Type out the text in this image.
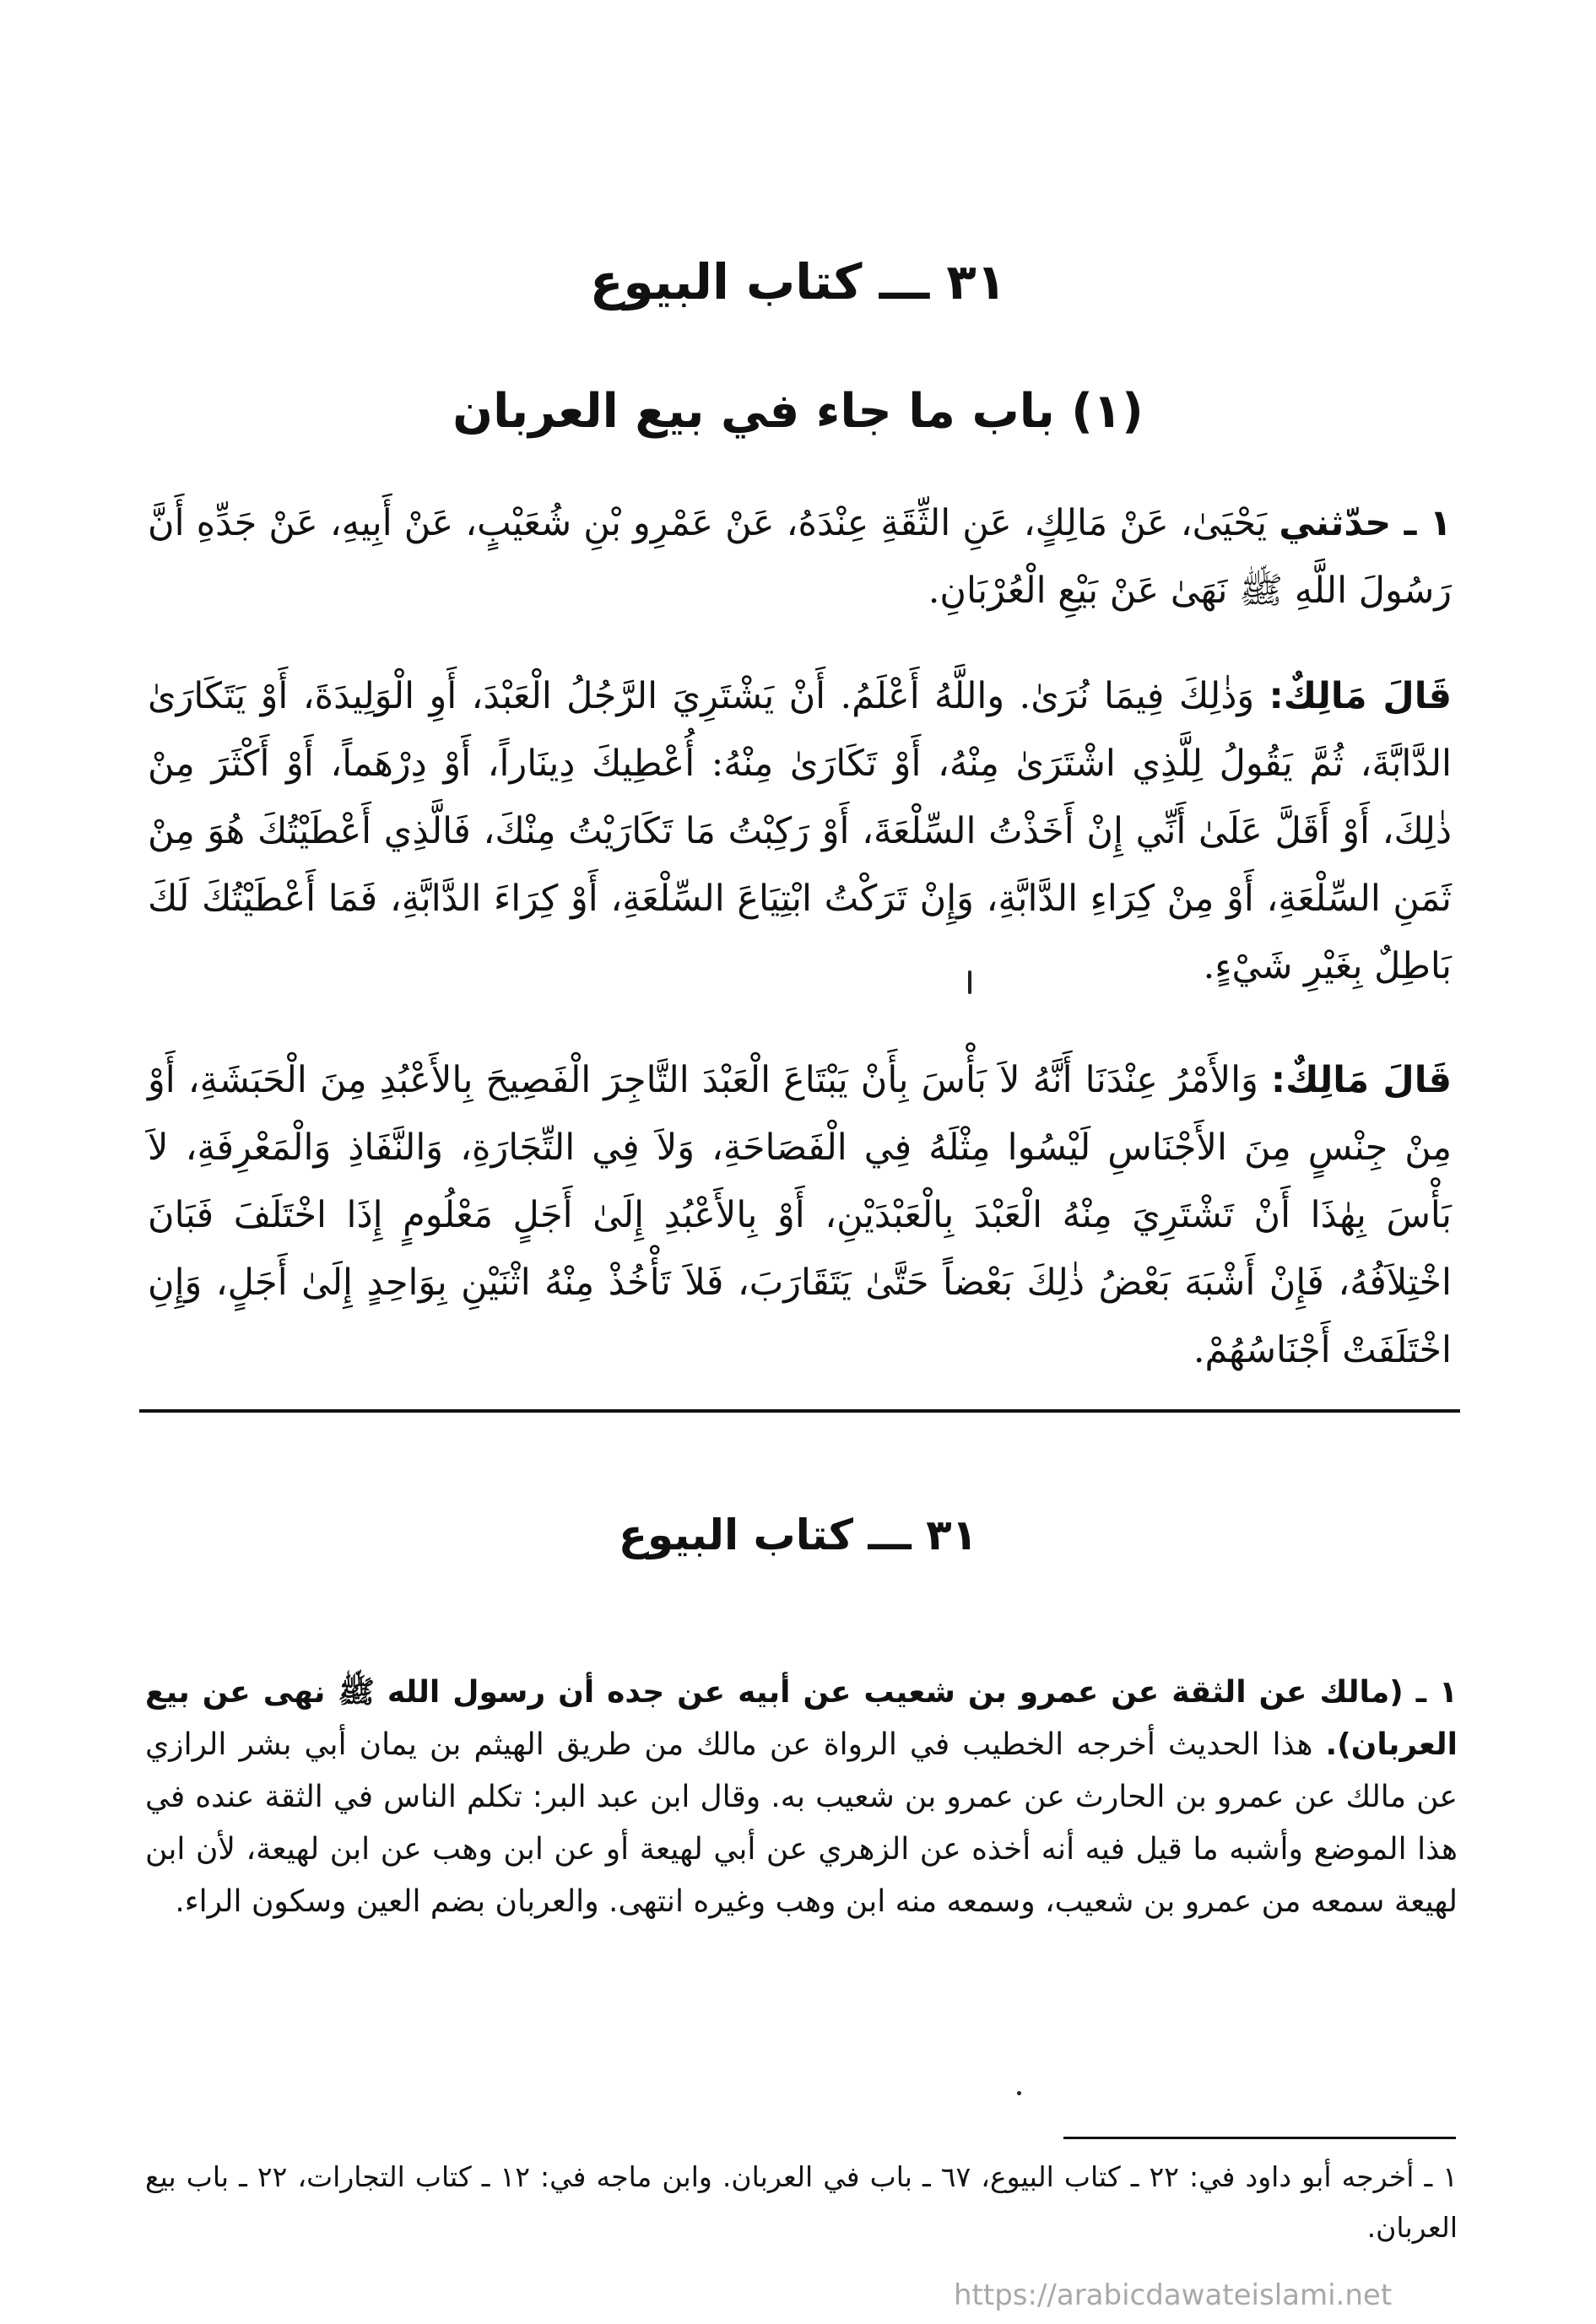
٣١ ـــ كتاب البيوع
(١) باب ما جاء في بيع العربان
١ ـ حدّثني يَحْيَىٰ، عَنْ مَالِكٍ، عَنِ الثِّقَةِ عِنْدَهُ، عَنْ عَمْرِو بْنِ شُعَيْبٍ، عَنْ أَبِيهِ، عَنْ جَدِّهِ أَنَّ رَسُولَ اللَّهِ ﷺ نَهَىٰ عَنْ بَيْعِ الْعُرْبَانِ.
قَالَ مَالِكٌ: وَذٰلِكَ فِيمَا نُرَىٰ. واللَّهُ أَعْلَمُ. أَنْ يَشْتَرِيَ الرَّجُلُ الْعَبْدَ، أَوِ الْوَلِيدَةَ، أَوْ يَتَكَارَىٰ الدَّابَّةَ، ثُمَّ يَقُولُ لِلَّذِي اشْتَرَىٰ مِنْهُ، أَوْ تَكَارَىٰ مِنْهُ: أُعْطِيكَ دِينَاراً، أَوْ دِرْهَماً، أَوْ أَكْثَرَ مِنْ ذٰلِكَ، أَوْ أَقَلَّ عَلَىٰ أَنِّي إِنْ أَخَذْتُ السِّلْعَةَ، أَوْ رَكِبْتُ مَا تَكَارَيْتُ مِنْكَ، فَالَّذِي أَعْطَيْتُكَ هُوَ مِنْ ثَمَنِ السِّلْعَةِ، أَوْ مِنْ كِرَاءِ الدَّابَّةِ، وَإِنْ تَرَكْتُ ابْتِيَاعَ السِّلْعَةِ، أَوْ كِرَاءَ الدَّابَّةِ، فَمَا أَعْطَيْتُكَ لَكَ بَاطِلٌ بِغَيْرِ شَيْءٍ.
قَالَ مَالِكٌ: وَالأَمْرُ عِنْدَنَا أَنَّهُ لاَ بَأْسَ بِأَنْ يَبْتَاعَ الْعَبْدَ التَّاجِرَ الْفَصِيحَ بِالأَعْبُدِ مِنَ الْحَبَشَةِ، أَوْ مِنْ جِنْسٍ مِنَ الأَجْنَاسِ لَيْسُوا مِثْلَهُ فِي الْفَصَاحَةِ، وَلاَ فِي التِّجَارَةِ، وَالنَّفَاذِ وَالْمَعْرِفَةِ، لاَ بَأْسَ بِهٰذَا أَنْ تَشْتَرِيَ مِنْهُ الْعَبْدَ بِالْعَبْدَيْنِ، أَوْ بِالأَعْبُدِ إِلَىٰ أَجَلٍ مَعْلُومٍ إِذَا اخْتَلَفَ فَبَانَ اخْتِلاَفُهُ، فَإِنْ أَشْبَهَ بَعْضُ ذٰلِكَ بَعْضاً حَتَّىٰ يَتَقَارَبَ، فَلاَ تَأْخُذْ مِنْهُ اثْنَيْنِ بِوَاحِدٍ إِلَىٰ أَجَلٍ، وَإِنِ اخْتَلَفَتْ أَجْنَاسُهُمْ.
٣١ ـــ كتاب البيوع
١ ـ (مالك عن الثقة عن عمرو بن شعيب عن أبيه عن جده أن رسول الله ﷺ نهى عن بيع العربان). هذا الحديث أخرجه الخطيب في الرواة عن مالك من طريق الهيثم بن يمان أبي بشر الرازي عن مالك عن عمرو بن الحارث عن عمرو بن شعيب به. وقال ابن عبد البر: تكلم الناس في الثقة عنده في هذا الموضع وأشبه ما قيل فيه أنه أخذه عن الزهري عن أبي لهيعة أو عن ابن وهب عن ابن لهيعة، لأن ابن لهيعة سمعه من عمرو بن شعيب، وسمعه منه ابن وهب وغيره انتهى. والعربان بضم العين وسكون الراء.
١ ـ أخرجه أبو داود في: ٢٢ ـ كتاب البيوع، ٦٧ ـ باب في العربان. وابن ماجه في: ١٢ ـ كتاب التجارات، ٢٢ ـ باب بيع العربان.
https://arabicdawateislami.net
